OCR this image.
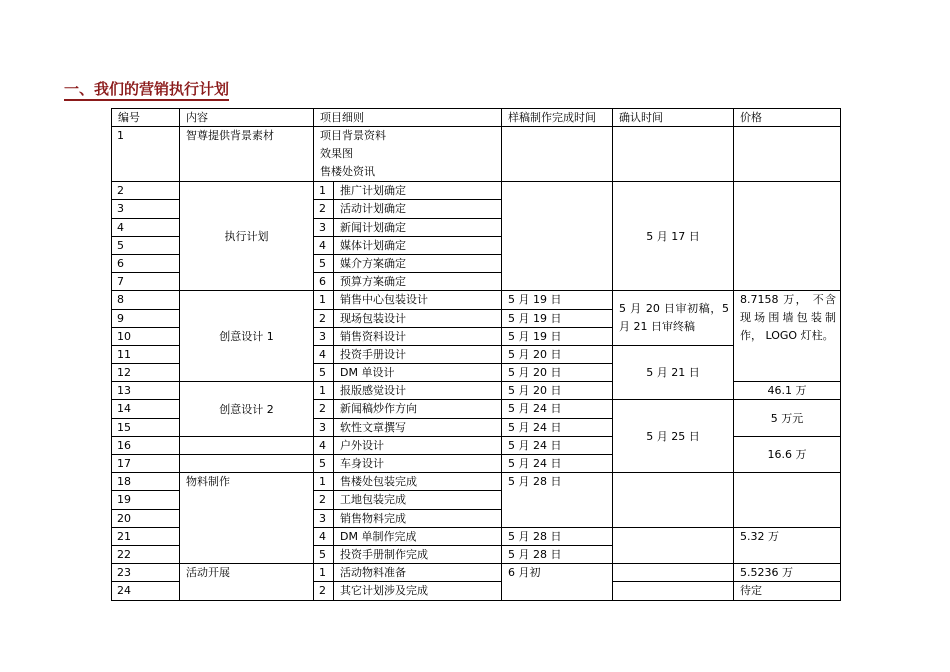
一、我们的营销执行计划
编号	内容	项目细则		样稿制作完成时间	确认时间	价格
1	智尊提供背景素材	项目背景资料
效果图
售楼处资讯				

2	执行计划	1	推广计划确定		5 月 17 日	
3		2	活动计划确定			
4		3	新闻计划确定			
5		4	媒体计划确定			
6		5	媒介方案确定			
7		6	预算方案确定			
8	创意设计 1	1	销售中心包装设计	5 月 19 日	5 月 20 日审初稿，5 月 21 日审终稿	8.7158 万， 不含现场围墙包装制作， LOGO 灯柱。
9		2	现场包装设计	5 月 19 日		
10		3	销售资料设计	5 月 19 日		
11		4	投资手册设计	5 月 20 日	5 月 21 日	
12		5	DM 单设计	5 月 20 日		
13	创意设计 2	1	报版感觉设计	5 月 20 日		46.1 万
14		2	新闻稿炒作方向	5 月 24 日	5 月 25 日	5 万元
15		3	软性文章撰写	5 月 24 日		
16		4	户外设计	5 月 24 日		16.6 万
17		5	车身设计	5 月 24 日		
18	物料制作	1	售楼处包装完成	5 月 28 日		
19		2	工地包装完成			
20		3	销售物料完成			
21		4	DM 单制作完成	5 月 28 日		5.32 万
22		5	投资手册制作完成	5 月 28 日		
23	活动开展	1	活动物料准备	6 月初		5.5236 万
24		2	其它计划涉及完成			待定
